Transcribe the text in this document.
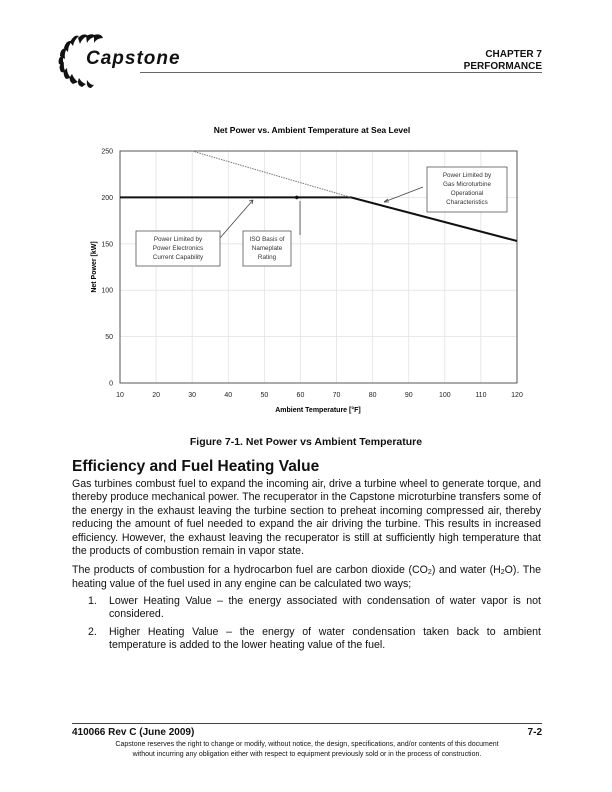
Capstone	CHAPTER 7
PERFORMANCE
Net Power vs. Ambient Temperature at Sea Level
0
50
100
150
200
250
10	20	30	40	50	60	70	80	90	100	110	120
Net Power [kW]
Ambient Temperature [°F]
Power Limited by
Power Electronics
Current Capability
ISO Basis of
Nameplate
Rating
Power Limited by
Gas Microturbine
Operational
Characteristics
Figure 7-1. Net Power vs Ambient Temperature
Efficiency and Fuel Heating Value

Gas turbines combust fuel to expand the incoming air, drive a turbine wheel to generate torque, and thereby produce mechanical power. The recuperator in the Capstone microturbine transfers some of the energy in the exhaust leaving the turbine section to preheat incoming compressed air, thereby reducing the amount of fuel needed to expand the air driving the turbine. This results in increased efficiency. However, the exhaust leaving the recuperator is still at sufficiently high temperature that the products of combustion remain in vapor state.

The products of combustion for a hydrocarbon fuel are carbon dioxide $(CO_2)$ and water $(H_2O)$. The heating value of the fuel used in any engine can be calculated two ways;

1. Lower Heating Value – the energy associated with condensation of water vapor is not considered.
2. Higher Heating Value – the energy of water condensation taken back to ambient temperature is added to the lower heating value of the fuel.
410066 Rev C (June 2009)	7-2
Capstone reserves the right to change or modify, without notice, the design, specifications, and/or contents of this document
without incurring any obligation either with respect to equipment previously sold or in the process of construction.
